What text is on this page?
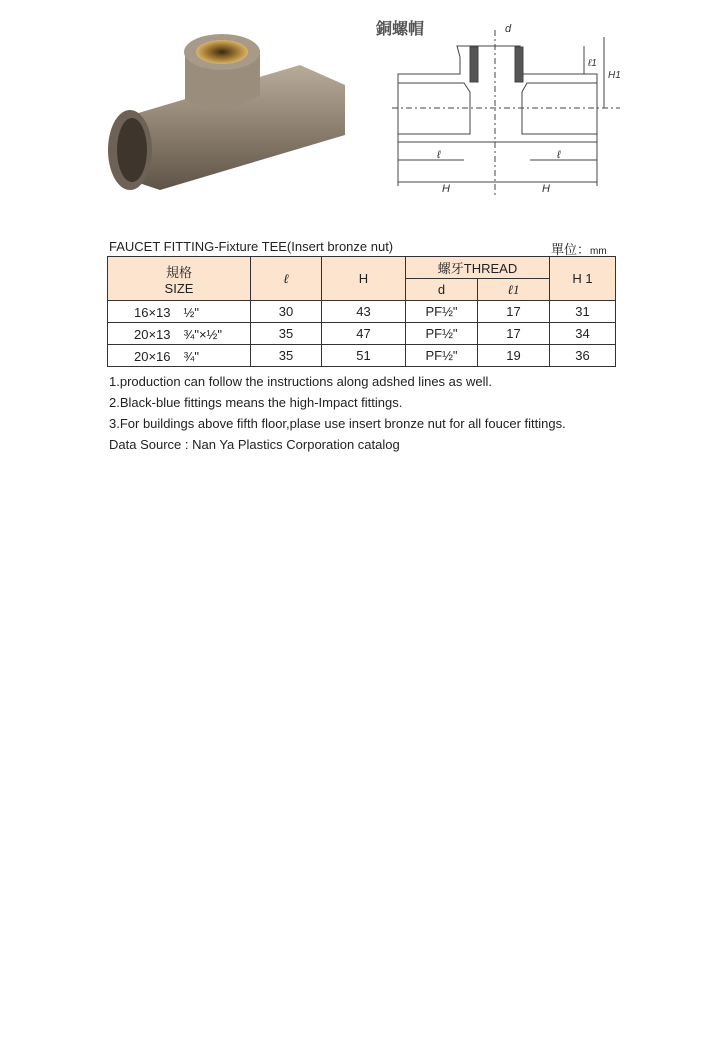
d
ℓ	ℓ
H	H
ℓ1
H1
銅螺帽
FAUCET FITTING-Fixture TEE(Insert bronze nut)	單位：mm
規格
SIZE	ℓ	H	螺牙THREAD		H 1
			d	ℓ1	
16×13　½"	30	43	PF½"	17	31
20×13　¾"×½"	35	47	PF½"	17	34
20×16　¾"	35	51	PF½"	19	36
1.production can follow the instructions along adshed lines as well.
2.Black-blue fittings means the high-Impact fittings.
3.For buildings above fifth floor,plase use insert bronze nut for all foucer fittings.
Data Source : Nan Ya Plastics Corporation catalog
